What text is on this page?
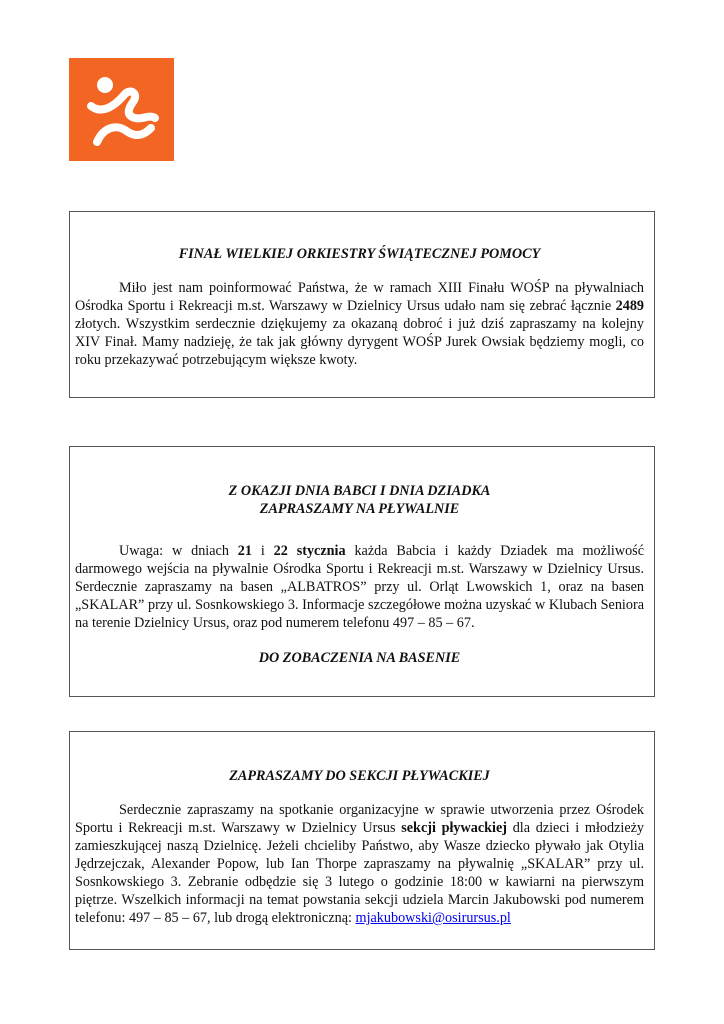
FINAŁ WIELKIEJ ORKIESTRY ŚWIĄTECZNEJ POMOCY

Miło jest nam poinformować Państwa, że w ramach XIII Finału WOŚP na pływalniach Ośrodka Sportu i Rekreacji m.st. Warszawy w Dzielnicy Ursus udało nam się zebrać łącznie 2489 złotych. Wszystkim serdecznie dziękujemy za okazaną dobroć i już dziś zapraszamy na kolejny XIV Finał. Mamy nadzieję, że tak jak główny dyrygent WOŚP Jurek Owsiak będziemy mogli, co roku przekazywać potrzebującym większe kwoty.

Z OKAZJI DNIA BABCI I DNIA DZIADKA

ZAPRASZAMY NA PŁYWALNIE

Uwaga: w dniach 21 i 22 stycznia każda Babcia i każdy Dziadek ma możliwość darmowego wejścia na pływalnie Ośrodka Sportu i Rekreacji m.st. Warszawy w Dzielnicy Ursus. Serdecznie zapraszamy na basen „ALBATROS” przy ul. Orląt Lwowskich 1, oraz na basen „SKALAR” przy ul. Sosnkowskiego 3. Informacje szczegółowe można uzyskać w Klubach Seniora na terenie Dzielnicy Ursus, oraz pod numerem telefonu 497 – 85 – 67.

DO ZOBACZENIA NA BASENIE

ZAPRASZAMY DO SEKCJI PŁYWACKIEJ

Serdecznie zapraszamy na spotkanie organizacyjne w sprawie utworzenia przez Ośrodek Sportu i Rekreacji m.st. Warszawy w Dzielnicy Ursus sekcji pływackiej dla dzieci i młodzieży zamieszkującej naszą Dzielnicę. Jeżeli chcieliby Państwo, aby Wasze dziecko pływało jak Otylia Jędrzejczak, Alexander Popow, lub Ian Thorpe zapraszamy na pływalnię „SKALAR” przy ul. Sosnkowskiego 3. Zebranie odbędzie się 3 lutego o godzinie 18:00 w kawiarni na pierwszym piętrze. Wszelkich informacji na temat powstania sekcji udziela Marcin Jakubowski pod numerem telefonu: 497 – 85 – 67, lub drogą elektroniczną: mjakubowski@osirursus.pl
